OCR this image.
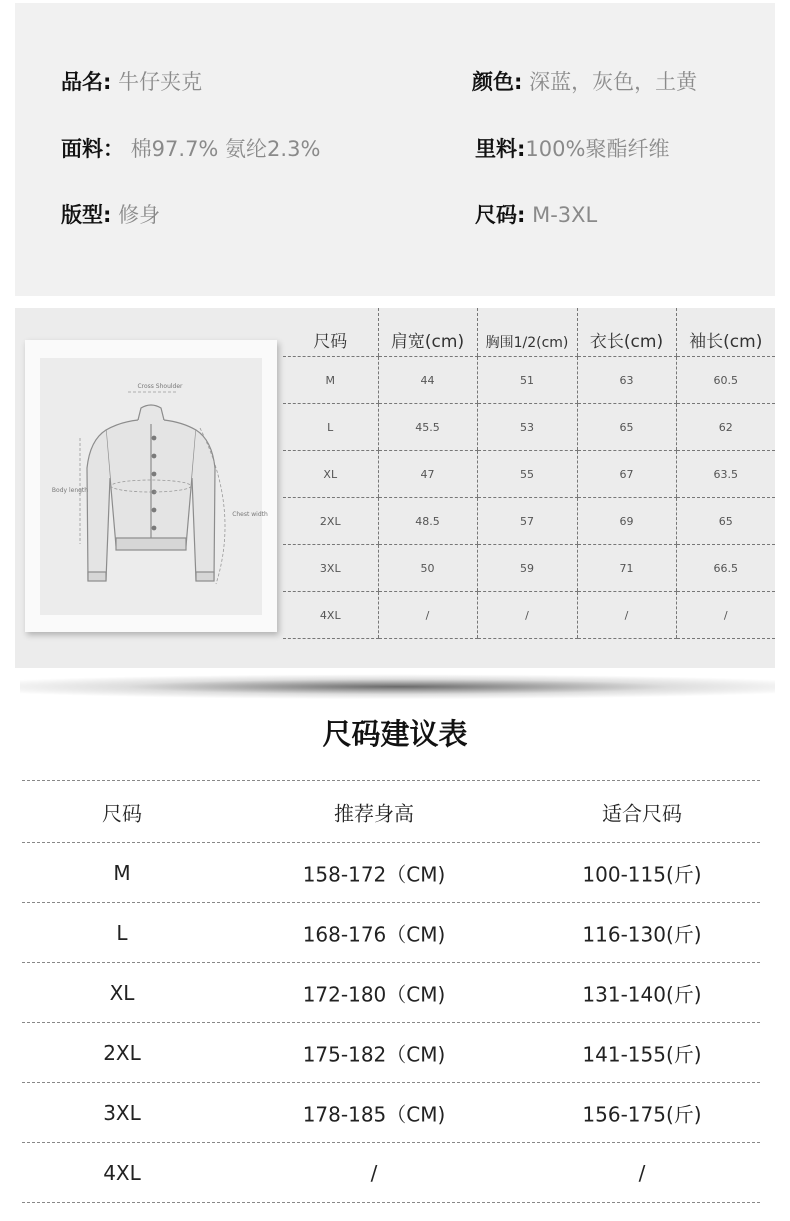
品名: 牛仔夹克	颜色: 深蓝，灰色，土黄
面料： 棉97.7% 氨纶2.3%	里料:100%聚酯纤维
版型: 修身	尺码: M-3XL
Cross Shoulder
Body length
Chest width
尺码	肩宽(cm)	胸围1/2(cm)	衣长(cm)	袖长(cm)
M	44	51	63	60.5
L	45.5	53	65	62
XL	47	55	67	63.5
2XL	48.5	57	69	65
3XL	50	59	71	66.5
4XL	/	/	/	/
尺码建议表
尺码	推荐身高	适合尺码
M	158-172（CM)	100-115(斤)
L	168-176（CM)	116-130(斤)
XL	172-180（CM)	131-140(斤)
2XL	175-182（CM)	141-155(斤)
3XL	178-185（CM)	156-175(斤)
4XL	/	/
